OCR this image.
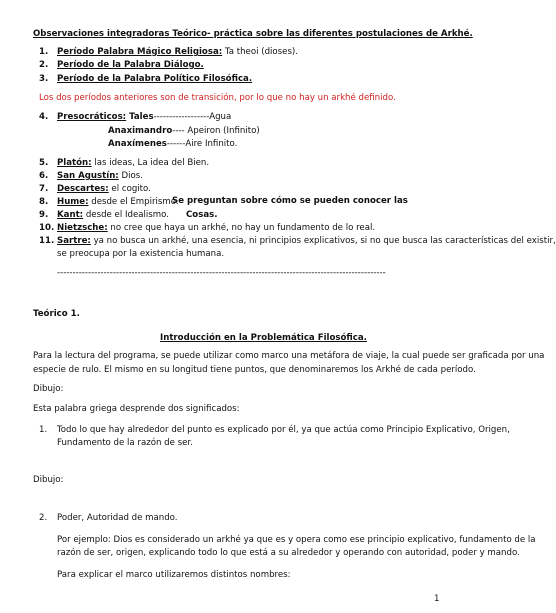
Observaciones integradoras Teórico- práctica sobre las diferentes postulaciones de Arkhé.
1. Período Palabra Mágico Religiosa: Ta theoi (dioses).
2. Período de la Palabra Diálogo.
3. Período de la Palabra Político Filosófica.
Los dos períodos anteriores son de transición, por lo que no hay un arkhé definido.
4. Presocráticos: Tales------------------Agua
Anaximandro---- Apeiron (Infinito)
Anaxímenes------Aire Infinito.
5. Platón: las ideas, La idea del Bien.
6. San Agustín: Dios.
7. Descartes: el cogito.
8. Hume: desde el Empirismo.
Se preguntan sobre cómo se pueden conocer las
9. Kant: desde el Idealismo. Cosas.
10. Nietzsche: no cree que haya un arkhé, no hay un fundamento de lo real.
11. Sartre: ya no busca un arkhé, una esencia, ni principios explicativos, si no que busca las características del existir,
se preocupa por la existencia humana.
----------------------------------------------------------------------------------------------------------
Teórico 1.
Introducción en la Problemática Filosófica.
Para la lectura del programa, se puede utilizar como marco una metáfora de viaje, la cual puede ser graficada por una
especie de rulo. El mismo en su longitud tiene puntos, que denominaremos los Arkhé de cada período.
Dibujo:
Esta palabra griega desprende dos significados:
1. Todo lo que hay alrededor del punto es explicado por él, ya que actúa como Principio Explicativo, Origen,
Fundamento de la razón de ser.
Dibujo:
2. Poder, Autoridad de mando.
Por ejemplo: Dios es considerado un arkhé ya que es y opera como ese principio explicativo, fundamento de la
razón de ser, origen, explicando todo lo que está a su alrededor y operando con autoridad, poder y mando.
Para explicar el marco utilizaremos distintos nombres:
1
